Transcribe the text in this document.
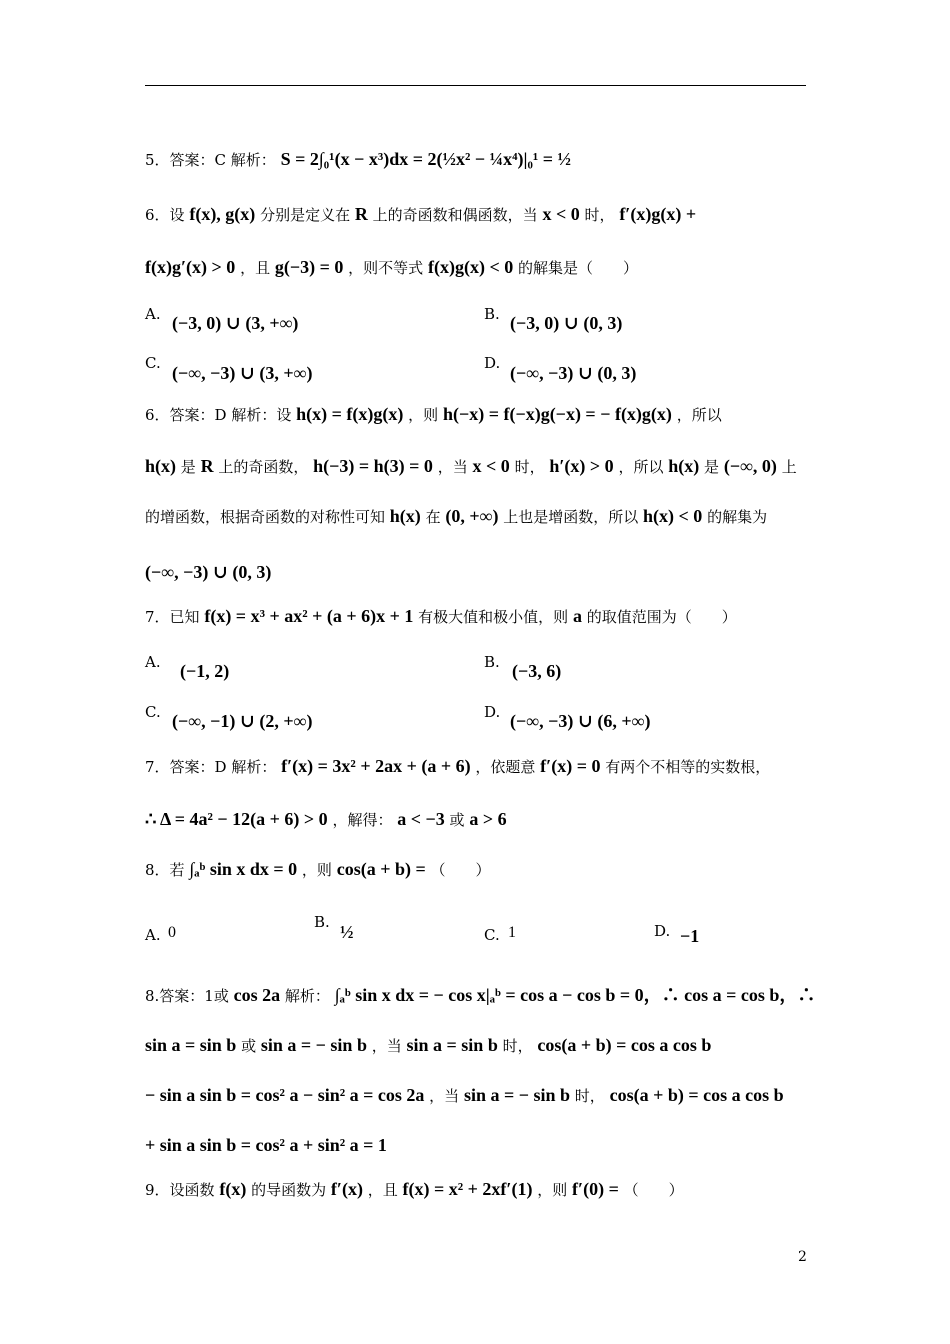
5．答案：C 解析： S = 2∫₀¹(x − x³)dx = 2(½x² − ¼x⁴)|₀¹ = ½
6．设 f(x), g(x) 分别是定义在 R 上的奇函数和偶函数，当 x < 0 时， f′(x)g(x) +
f(x)g′(x) > 0 ，且 g(−3) = 0 ，则不等式 f(x)g(x) < 0 的解集是（　　）
A. (−3, 0) ∪ (3, +∞)	B. (−3, 0) ∪ (0, 3)
C. (−∞, −3) ∪ (3, +∞)	D. (−∞, −3) ∪ (0, 3)
6．答案：D 解析：设 h(x) = f(x)g(x) ，则 h(−x) = f(−x)g(−x) = − f(x)g(x) ，所以
h(x) 是 R 上的奇函数， h(−3) = h(3) = 0 ，当 x < 0 时， h′(x) > 0 ，所以 h(x) 是 (−∞, 0) 上
的增函数，根据奇函数的对称性可知 h(x) 在 (0, +∞) 上也是增函数，所以 h(x) < 0 的解集为
(−∞, −3) ∪ (0, 3)
7．已知 f(x) = x³ + ax² + (a + 6)x + 1 有极大值和极小值，则 a 的取值范围为（　　）
A. (−1, 2)	B. (−3, 6)
C. (−∞, −1) ∪ (2, +∞)	D. (−∞, −3) ∪ (6, +∞)
7．答案：D 解析： f′(x) = 3x² + 2ax + (a + 6) ，依题意 f′(x) = 0 有两个不相等的实数根，
∴ Δ = 4a² − 12(a + 6) > 0 ，解得： a < −3 或 a > 6
8．若 ∫ₐᵇ sin x dx = 0 ，则 cos(a + b) = （　　）
A. 0
B. ½	C. 1	D. −1
8.答案：1或 cos 2a 解析： ∫ₐᵇ sin x dx = − cos x|ₐᵇ = cos a − cos b = 0，∴ cos a = cos b，∴
sin a = sin b 或 sin a = − sin b ，当 sin a = sin b 时， cos(a + b) = cos a cos b
− sin a sin b = cos² a − sin² a = cos 2a ，当 sin a = − sin b 时， cos(a + b) = cos a cos b
+ sin a sin b = cos² a + sin² a = 1
9．设函数 f(x) 的导函数为 f′(x) ，且 f(x) = x² + 2xf′(1) ，则 f′(0) = （　　）
2
